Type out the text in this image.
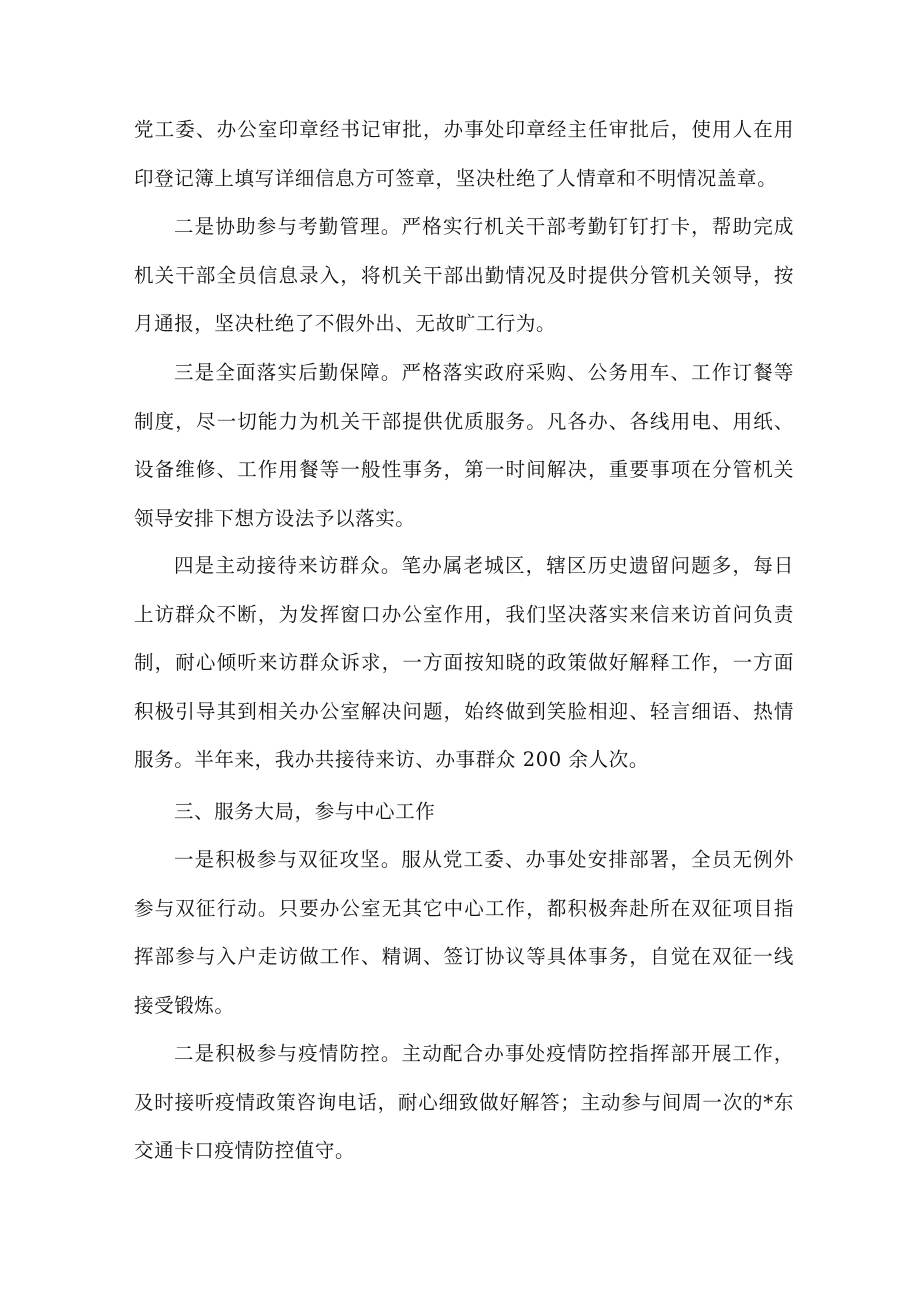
党工委、办公室印章经书记审批，办事处印章经主任审批后，使用人在用印登记簿上填写详细信息方可签章，坚决杜绝了人情章和不明情况盖章。

二是协助参与考勤管理。严格实行机关干部考勤钉钉打卡，帮助完成机关干部全员信息录入，将机关干部出勤情况及时提供分管机关领导，按月通报，坚决杜绝了不假外出、无故旷工行为。

三是全面落实后勤保障。严格落实政府采购、公务用车、工作订餐等制度，尽一切能力为机关干部提供优质服务。凡各办、各线用电、用纸、设备维修、工作用餐等一般性事务，第一时间解决，重要事项在分管机关领导安排下想方设法予以落实。

四是主动接待来访群众。笔办属老城区，辖区历史遗留问题多，每日上访群众不断，为发挥窗口办公室作用，我们坚决落实来信来访首问负责制，耐心倾听来访群众诉求，一方面按知晓的政策做好解释工作，一方面积极引导其到相关办公室解决问题，始终做到笑脸相迎、轻言细语、热情服务。半年来，我办共接待来访、办事群众 200 余人次。

三、服务大局，参与中心工作

一是积极参与双征攻坚。服从党工委、办事处安排部署，全员无例外参与双征行动。只要办公室无其它中心工作，都积极奔赴所在双征项目指挥部参与入户走访做工作、精调、签订协议等具体事务，自觉在双征一线接受锻炼。

二是积极参与疫情防控。主动配合办事处疫情防控指挥部开展工作，及时接听疫情政策咨询电话，耐心细致做好解答；主动参与间周一次的*东交通卡口疫情防控值守。
